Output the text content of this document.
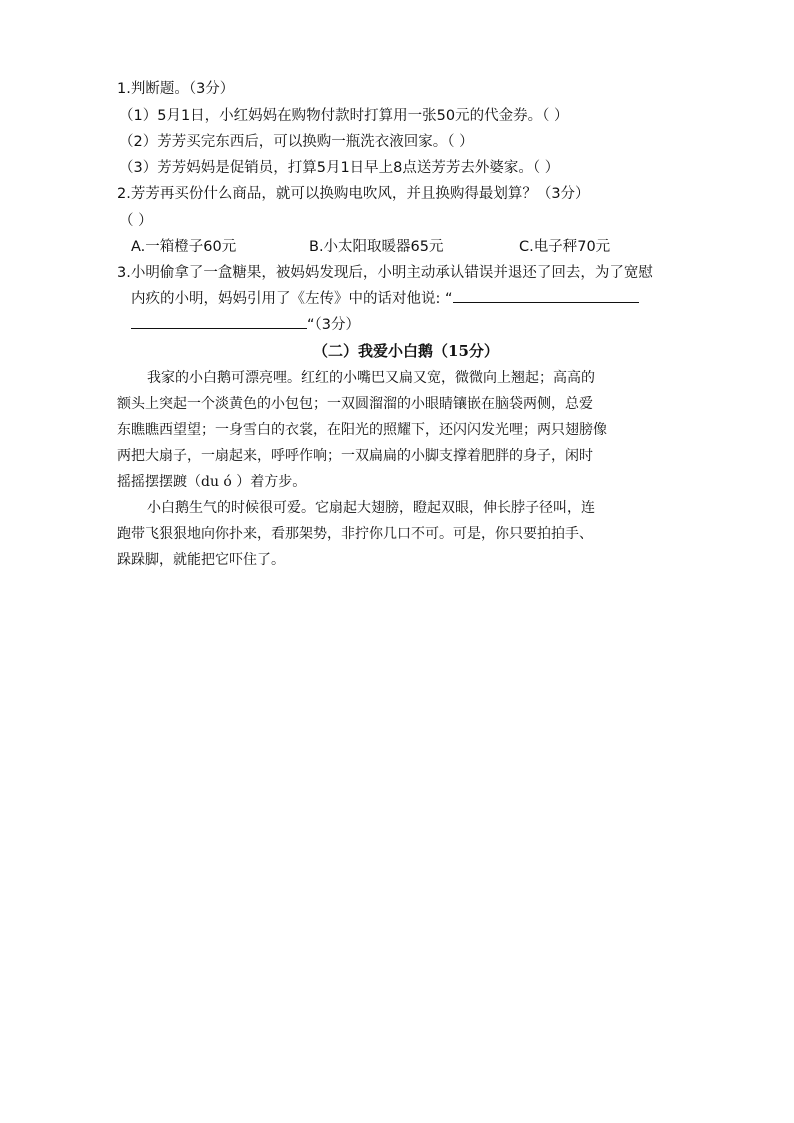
1.判断题。（3分）
（1）5月1日，小红妈妈在购物付款时打算用一张50元的代金券。（ ）
（2）芳芳买完东西后，可以换购一瓶洗衣液回家。（ ）
（3）芳芳妈妈是促销员，打算5月1日早上8点送芳芳去外婆家。（ ）
2.芳芳再买份什么商品，就可以换购电吹风，并且换购得最划算？（3分）
（ ）
A.一箱橙子60元	B.小太阳取暖器65元	C.电子秤70元
3.小明偷拿了一盒糖果，被妈妈发现后，小明主动承认错误并退还了回去，为了宽慰
内疚的小明，妈妈引用了《左传》中的话对他说: “
“（3分）
（二）我爱小白鹅（15分）
我家的小白鹅可漂亮哩。红红的小嘴巴又扁又宽，微微向上翘起；高高的
额头上突起一个淡黄色的小包包；一双圆溜溜的小眼睛镶嵌在脑袋两侧，总爱
东瞧瞧西望望；一身雪白的衣裳，在阳光的照耀下，还闪闪发光哩；两只翅膀像
两把大扇子，一扇起来，呼呼作响；一双扁扁的小脚支撑着肥胖的身子，闲时
摇摇摆摆踱（du ó ）着方步。
小白鹅生气的时候很可爱。它扇起大翅膀，瞪起双眼，伸长脖子径叫，连
跑带飞狠狠地向你扑来，看那架势，非拧你几口不可。可是，你只要拍拍手、
跺跺脚，就能把它吓住了。
